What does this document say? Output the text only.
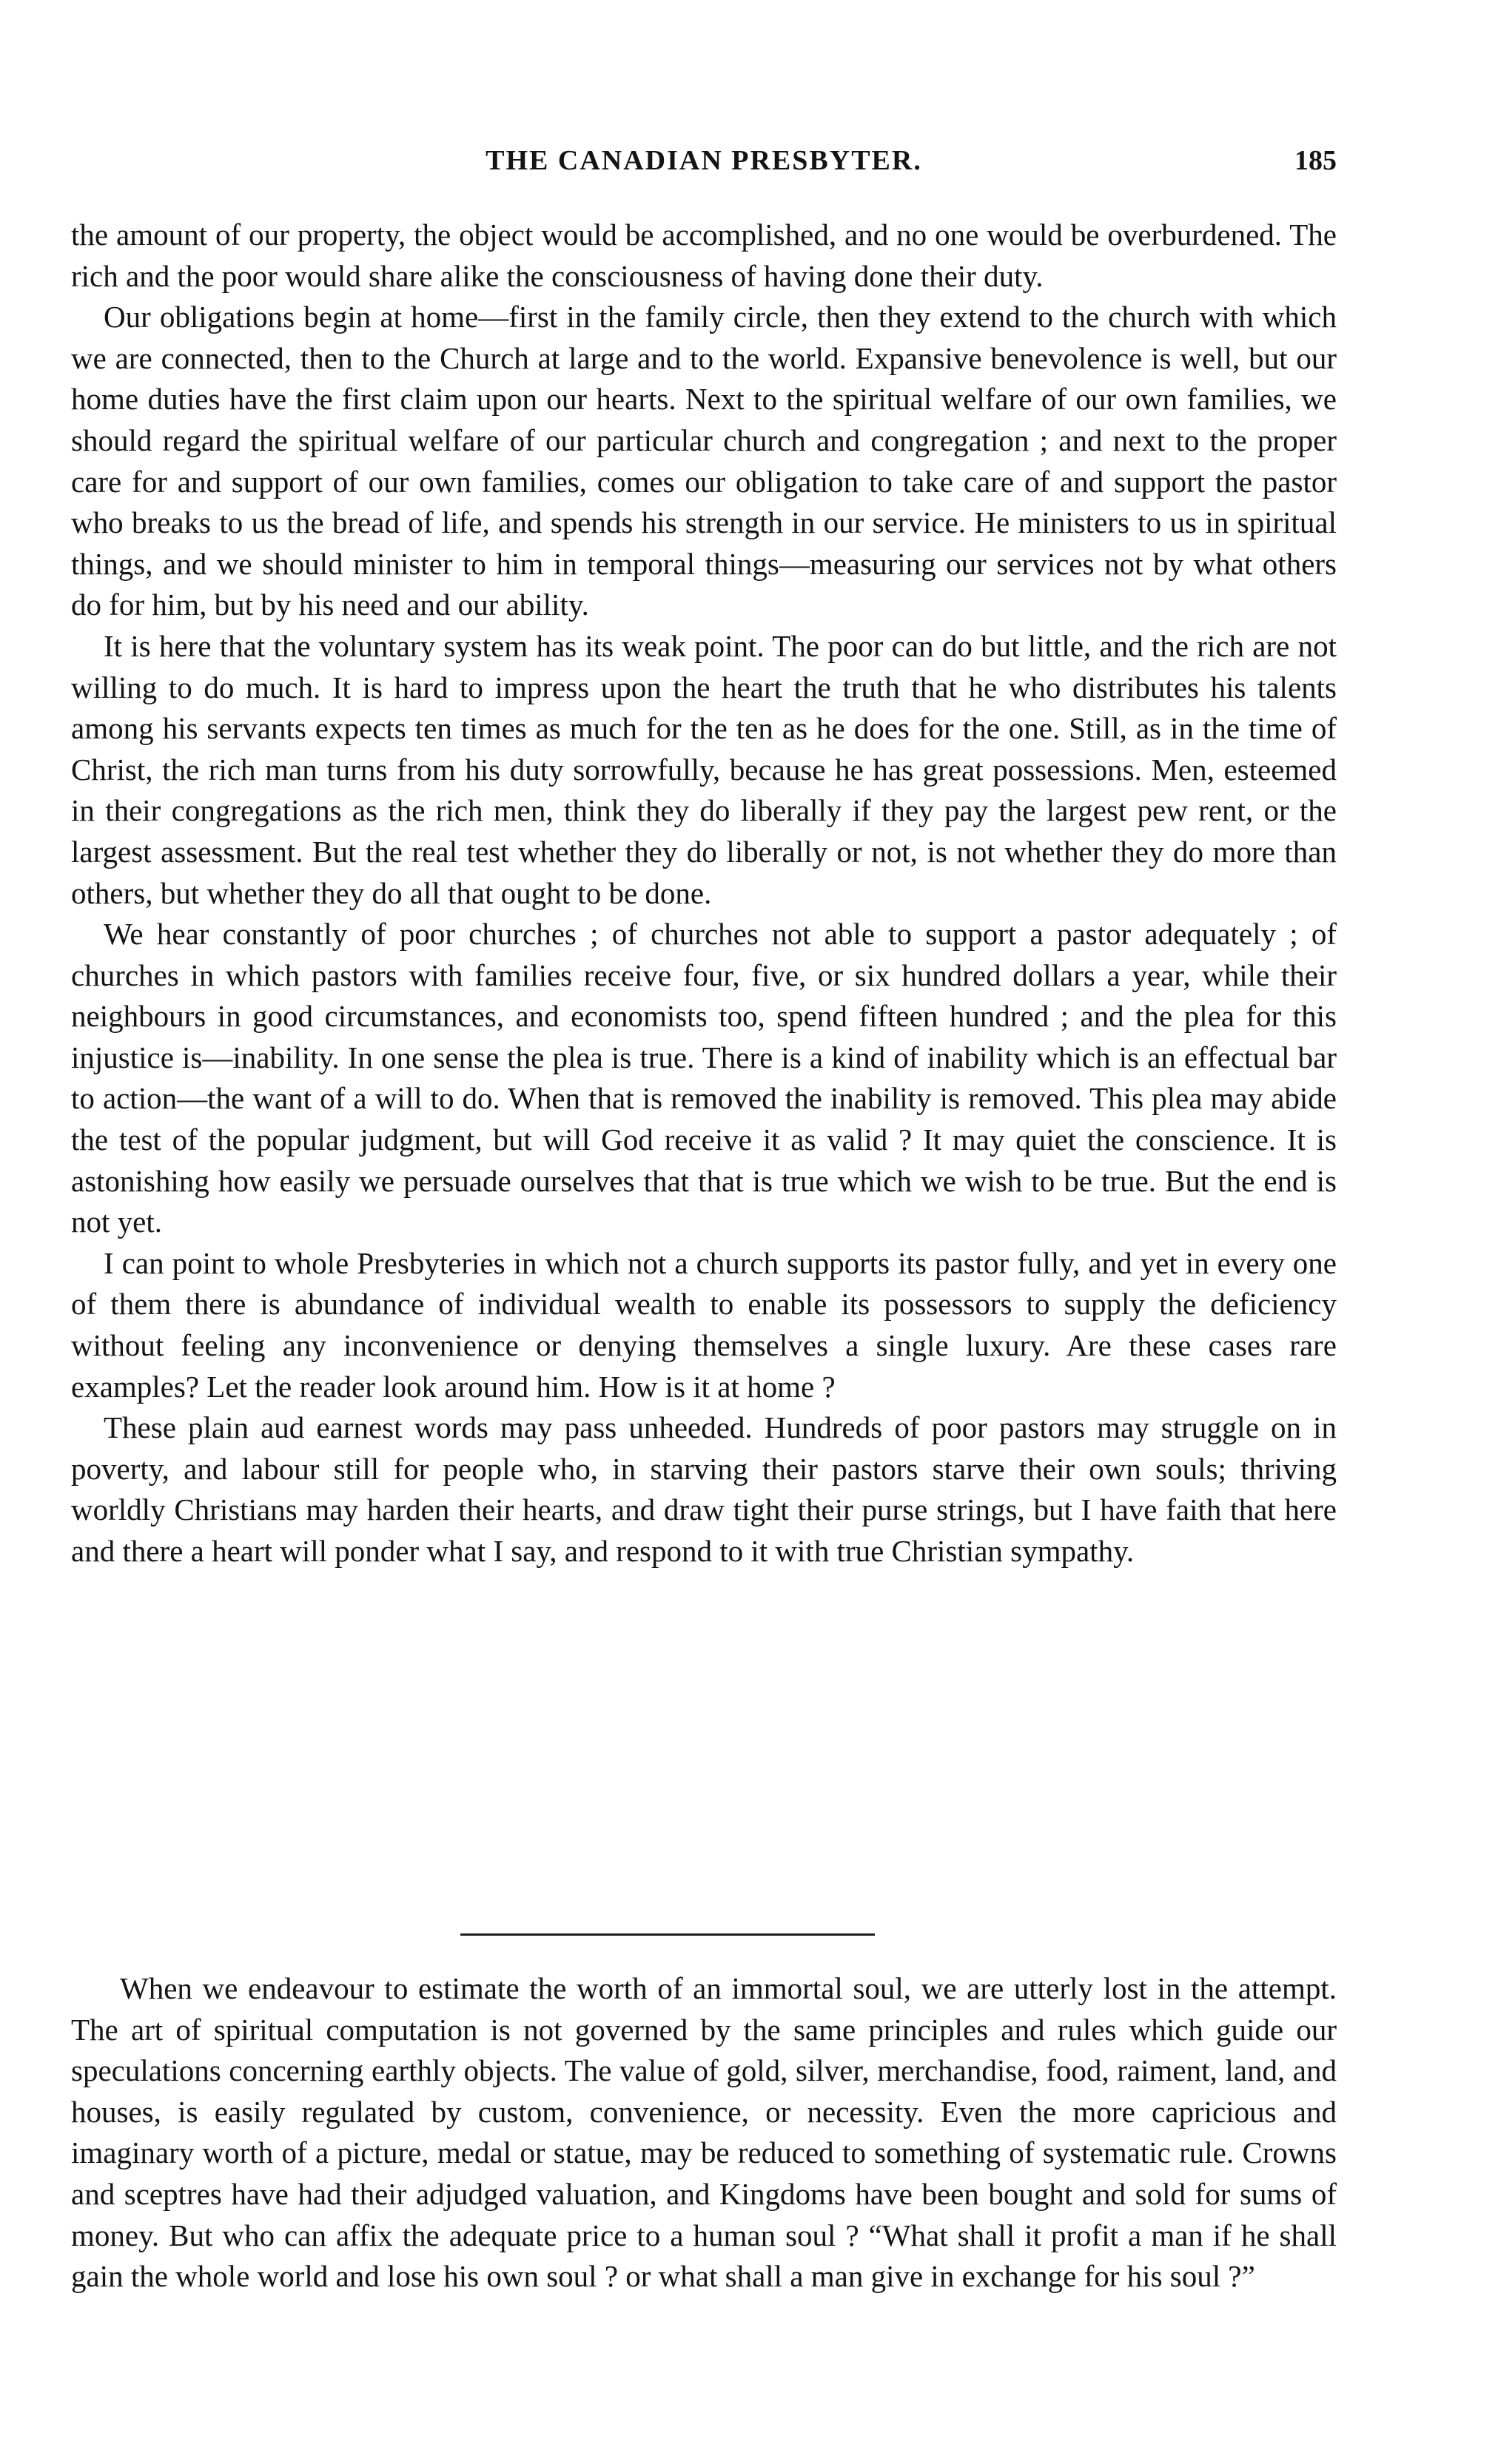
THE CANADIAN PRESBYTER.	185

the amount of our property, the object would be accomplished, and no one would be overburdened. The rich and the poor would share alike the consciousness of having done their duty.

Our obligations begin at home—first in the family circle, then they extend to the church with which we are connected, then to the Church at large and to the world. Expansive benevolence is well, but our home duties have the first claim upon our hearts. Next to the spiritual welfare of our own families, we should regard the spiritual welfare of our particular church and congregation ; and next to the proper care for and support of our own families, comes our obligation to take care of and support the pastor who breaks to us the bread of life, and spends his strength in our service. He ministers to us in spiritual things, and we should minister to him in temporal things—measuring our services not by what others do for him, but by his need and our ability.

It is here that the voluntary system has its weak point. The poor can do but little, and the rich are not willing to do much. It is hard to impress upon the heart the truth that he who distributes his talents among his servants expects ten times as much for the ten as he does for the one. Still, as in the time of Christ, the rich man turns from his duty sorrowfully, because he has great possessions. Men, esteemed in their congregations as the rich men, think they do liberally if they pay the largest pew rent, or the largest assessment. But the real test whether they do liberally or not, is not whether they do more than others, but whether they do all that ought to be done.

We hear constantly of poor churches ; of churches not able to support a pastor adequately ; of churches in which pastors with families receive four, five, or six hundred dollars a year, while their neighbours in good circumstances, and economists too, spend fifteen hundred ; and the plea for this injustice is—inability. In one sense the plea is true. There is a kind of inability which is an effectual bar to action—the want of a will to do. When that is removed the inability is removed. This plea may abide the test of the popular judgment, but will God receive it as valid ? It may quiet the conscience. It is astonishing how easily we persuade ourselves that that is true which we wish to be true. But the end is not yet.

I can point to whole Presbyteries in which not a church supports its pastor fully, and yet in every one of them there is abundance of individual wealth to enable its possessors to supply the deficiency without feeling any inconvenience or denying themselves a single luxury. Are these cases rare examples? Let the reader look around him. How is it at home ?

These plain aud earnest words may pass unheeded. Hundreds of poor pastors may struggle on in poverty, and labour still for people who, in starving their pastors starve their own souls; thriving worldly Christians may harden their hearts, and draw tight their purse strings, but I have faith that here and there a heart will ponder what I say, and respond to it with true Christian sympathy.

When we endeavour to estimate the worth of an immortal soul, we are utterly lost in the attempt. The art of spiritual computation is not governed by the same principles and rules which guide our speculations concerning earthly objects. The value of gold, silver, merchandise, food, raiment, land, and houses, is easily regulated by custom, convenience, or necessity. Even the more capricious and imaginary worth of a picture, medal or statue, may be reduced to something of systematic rule. Crowns and sceptres have had their adjudged valuation, and Kingdoms have been bought and sold for sums of money. But who can affix the adequate price to a human soul ? “What shall it profit a man if he shall gain the whole world and lose his own soul ? or what shall a man give in exchange for his soul ?”
